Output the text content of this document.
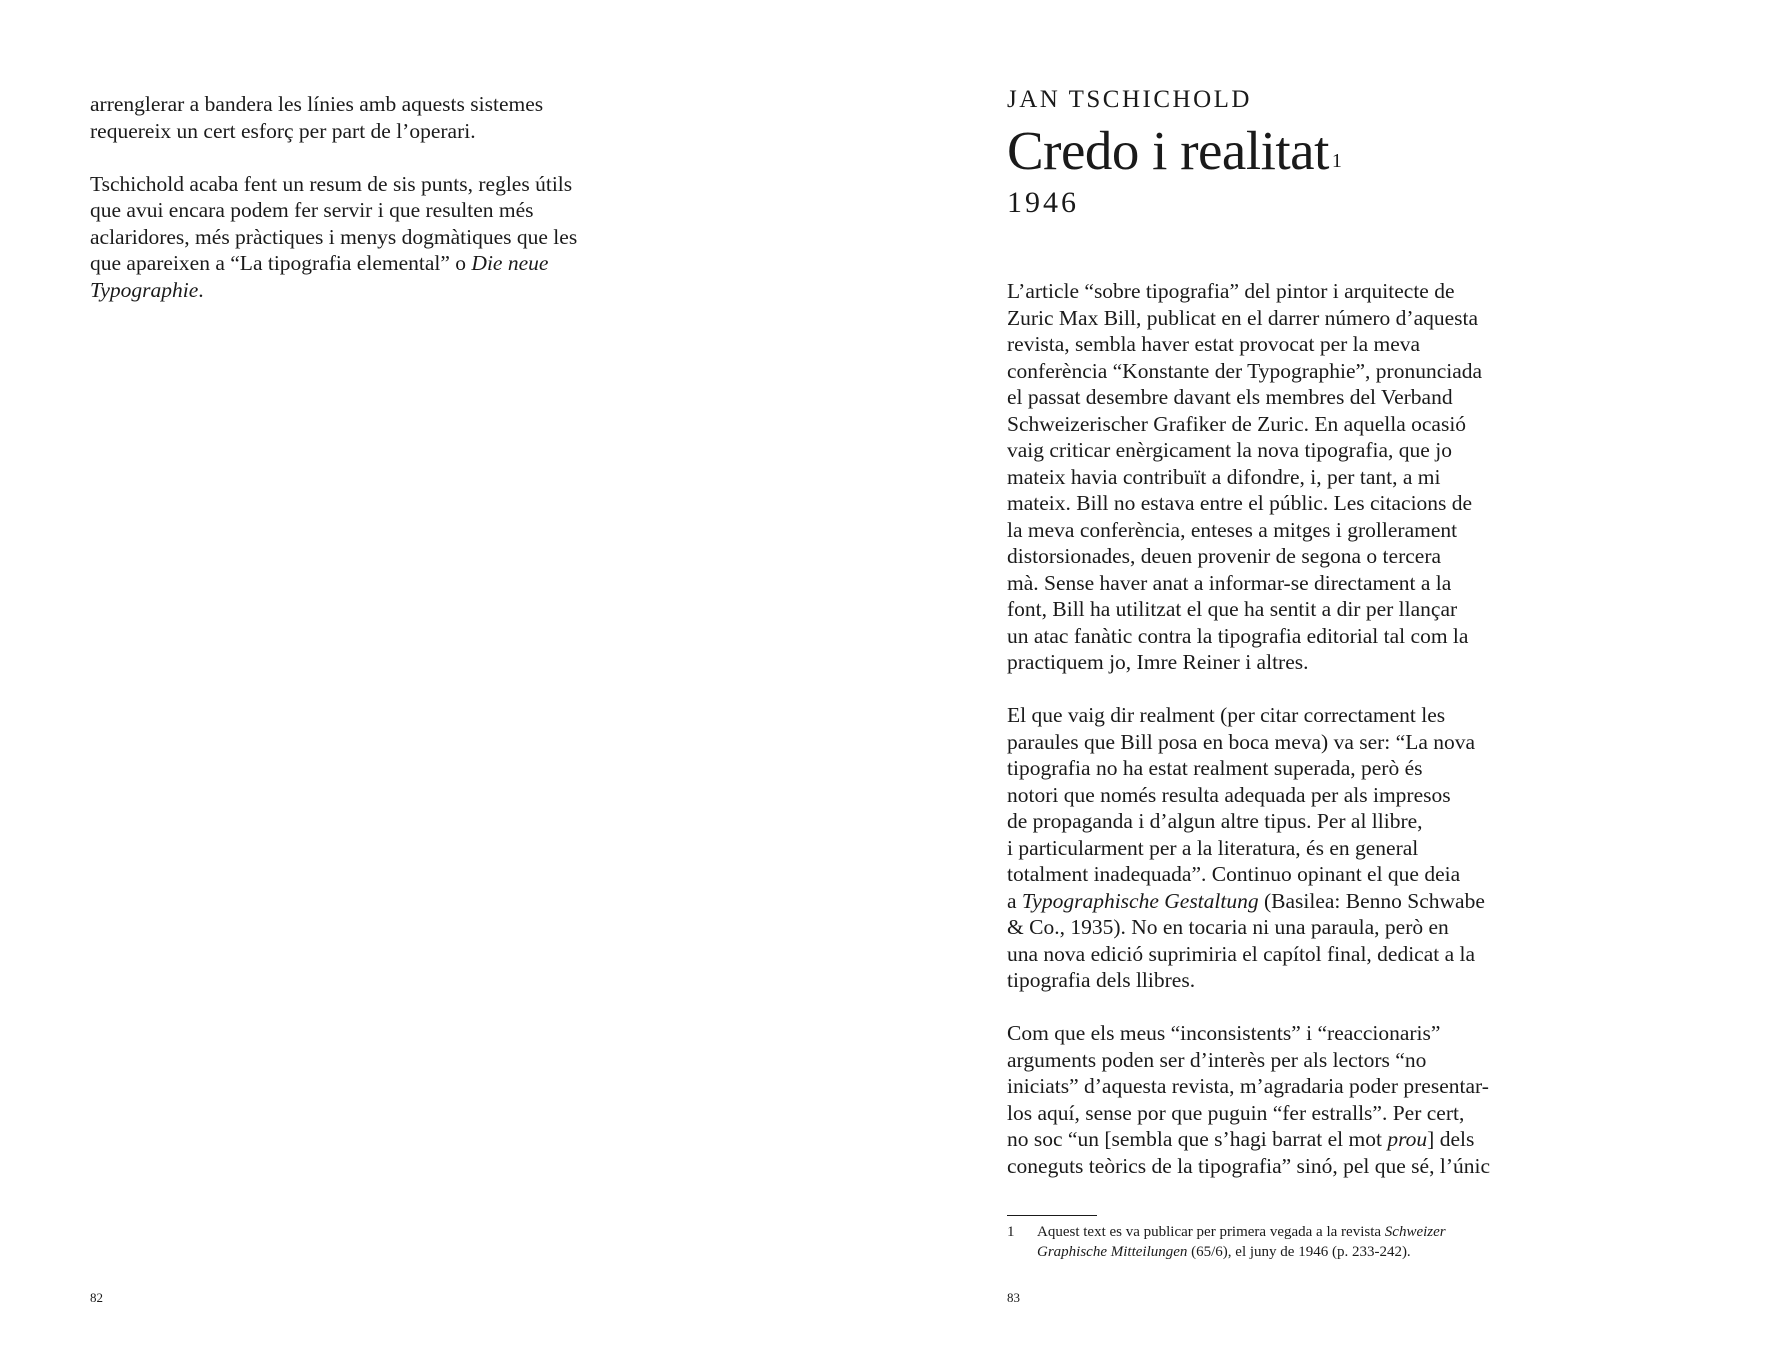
arrenglerar a bandera les línies amb aquests sistemes
requereix un cert esforç per part de l’operari.

Tschichold acaba fent un resum de sis punts, regles útils
que avui encara podem fer servir i que resulten més
aclaridores, més pràctiques i menys dogmàtiques que les
que apareixen a “La tipografia elemental” o Die neue
Typographie.

82

JAN TSCHICHOLD

Credo i realitat $^1$

1946

L’article “sobre tipografia” del pintor i arquitecte de
Zuric Max Bill, publicat en el darrer número d’aquesta
revista, sembla haver estat provocat per la meva
conferència “Konstante der Typographie”, pronunciada
el passat desembre davant els membres del Verband
Schweizerischer Grafiker de Zuric. En aquella ocasió
vaig criticar enèrgicament la nova tipografia, que jo
mateix havia contribuït a difondre, i, per tant, a mi
mateix. Bill no estava entre el públic. Les citacions de
la meva conferència, enteses a mitges i grollerament
distorsionades, deuen provenir de segona o tercera
mà. Sense haver anat a informar-se directament a la
font, Bill ha utilitzat el que ha sentit a dir per llançar
un atac fanàtic contra la tipografia editorial tal com la
practiquem jo, Imre Reiner i altres.

El que vaig dir realment (per citar correctament les
paraules que Bill posa en boca meva) va ser: “La nova
tipografia no ha estat realment superada, però és
notori que només resulta adequada per als impresos
de propaganda i d’algun altre tipus. Per al llibre,
i particularment per a la literatura, és en general
totalment inadequada”. Continuo opinant el que deia
a Typographische Gestaltung (Basilea: Benno Schwabe
& Co., 1935). No en tocaria ni una paraula, però en
una nova edició suprimiria el capítol final, dedicat a la
tipografia dels llibres.

Com que els meus “inconsistents” i “reaccionaris”
arguments poden ser d’interès per als lectors “no
iniciats” d’aquesta revista, m’agradaria poder presentar-
los aquí, sense por que puguin “fer estralls”. Per cert,
no soc “un [sembla que s’hagi barrat el mot prou] dels
coneguts teòrics de la tipografia” sinó, pel que sé, l’únic

1 Aquest text es va publicar per primera vegada a la revista Schweizer
Graphische Mitteilungen (65/6), el juny de 1946 (p. 233-242).

83
